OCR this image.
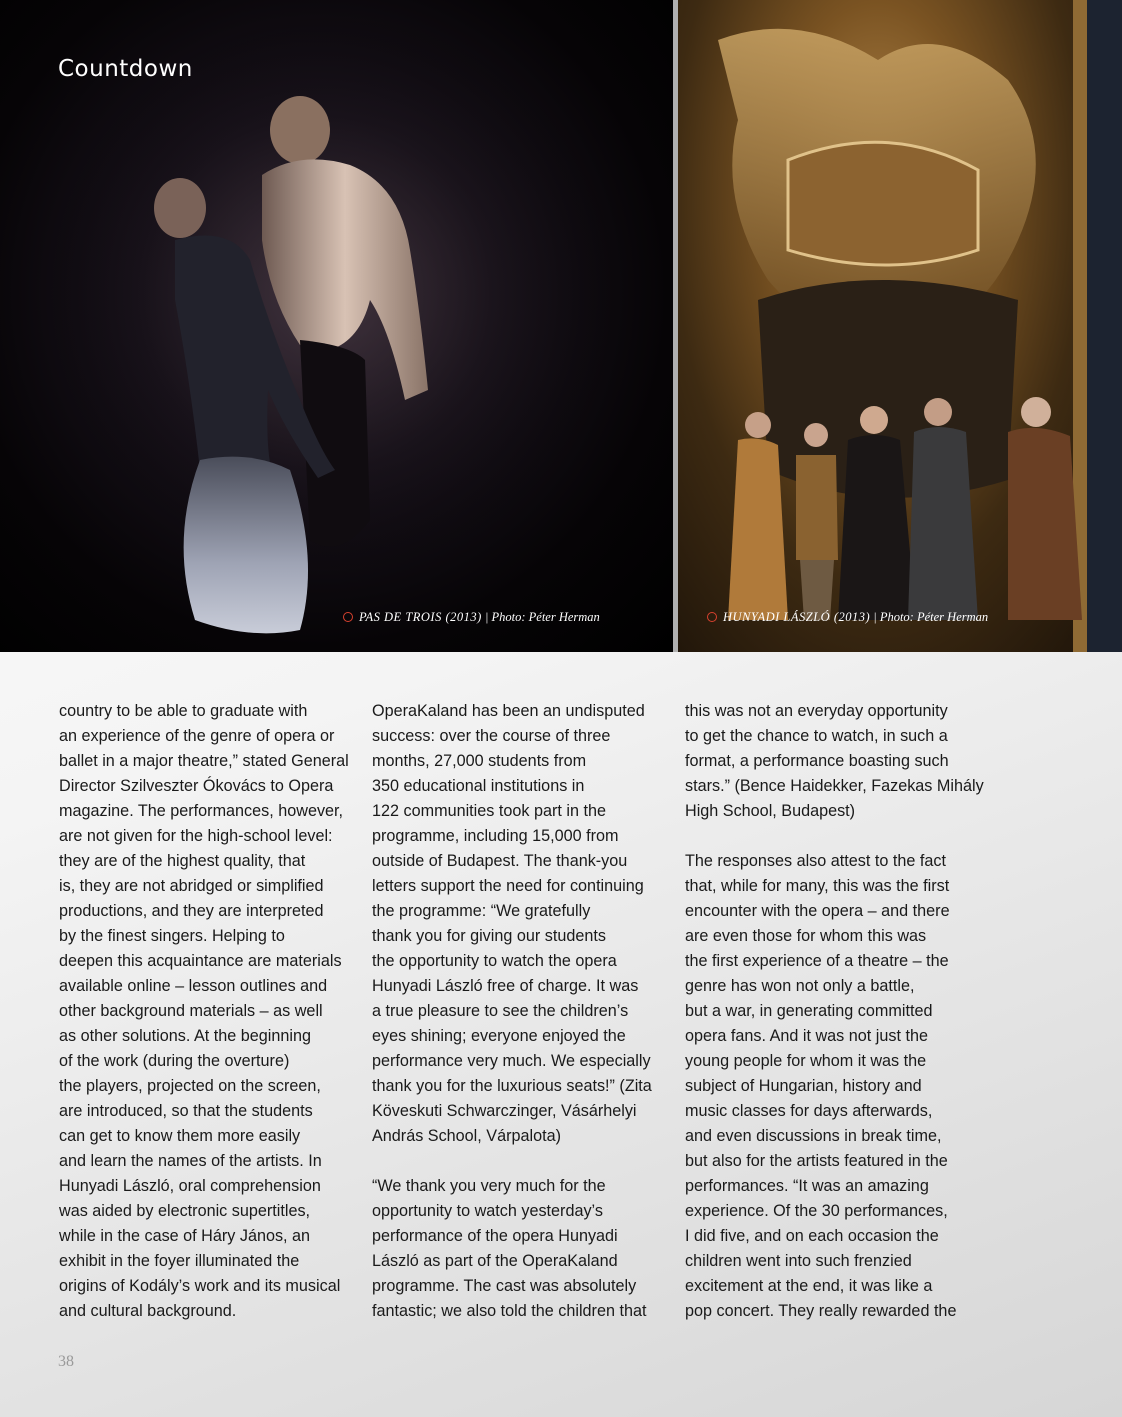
PAS DE TROIS (2013) | Photo: Péter Herman	HUNYADI LÁSZLÓ (2013) | Photo: Péter Herman
Countdown

country to be able to graduate with
an experience of the genre of opera or
ballet in a major theatre,” stated General
Director Szilveszter Ókovács to Opera
magazine. The performances, however,
are not given for the high-school level:
they are of the highest quality, that
is, they are not abridged or simplified
productions, and they are interpreted
by the finest singers. Helping to
deepen this acquaintance are materials
available online – lesson outlines and
other background materials – as well
as other solutions. At the beginning
of the work (during the overture)
the players, projected on the screen,
are introduced, so that the students
can get to know them more easily
and learn the names of the artists. In
Hunyadi László, oral comprehension
was aided by electronic supertitles,
while in the case of Háry János, an
exhibit in the foyer illuminated the
origins of Kodály’s work and its musical
and cultural background.

OperaKaland has been an undisputed
success: over the course of three
months, 27,000 students from
350 educational institutions in
122 communities took part in the
programme, including 15,000 from
outside of Budapest. The thank-you
letters support the need for continuing
the programme: “We gratefully
thank you for giving our students
the opportunity to watch the opera
Hunyadi László free of charge. It was
a true pleasure to see the children’s
eyes shining; everyone enjoyed the
performance very much. We especially
thank you for the luxurious seats!” (Zita
Köveskuti Schwarczinger, Vásárhelyi
András School, Várpalota)

“We thank you very much for the
opportunity to watch yesterday’s
performance of the opera Hunyadi
László as part of the OperaKaland
programme. The cast was absolutely
fantastic; we also told the children that

this was not an everyday opportunity
to get the chance to watch, in such a
format, a performance boasting such
stars.” (Bence Haidekker, Fazekas Mihály
High School, Budapest)

The responses also attest to the fact
that, while for many, this was the first
encounter with the opera – and there
are even those for whom this was
the first experience of a theatre – the
genre has won not only a battle,
but a war, in generating committed
opera fans. And it was not just the
young people for whom it was the
subject of Hungarian, history and
music classes for days afterwards,
and even discussions in break time,
but also for the artists featured in the
performances. “It was an amazing
experience. Of the 30 performances,
I did five, and on each occasion the
children went into such frenzied
excitement at the end, it was like a
pop concert. They really rewarded the

38
